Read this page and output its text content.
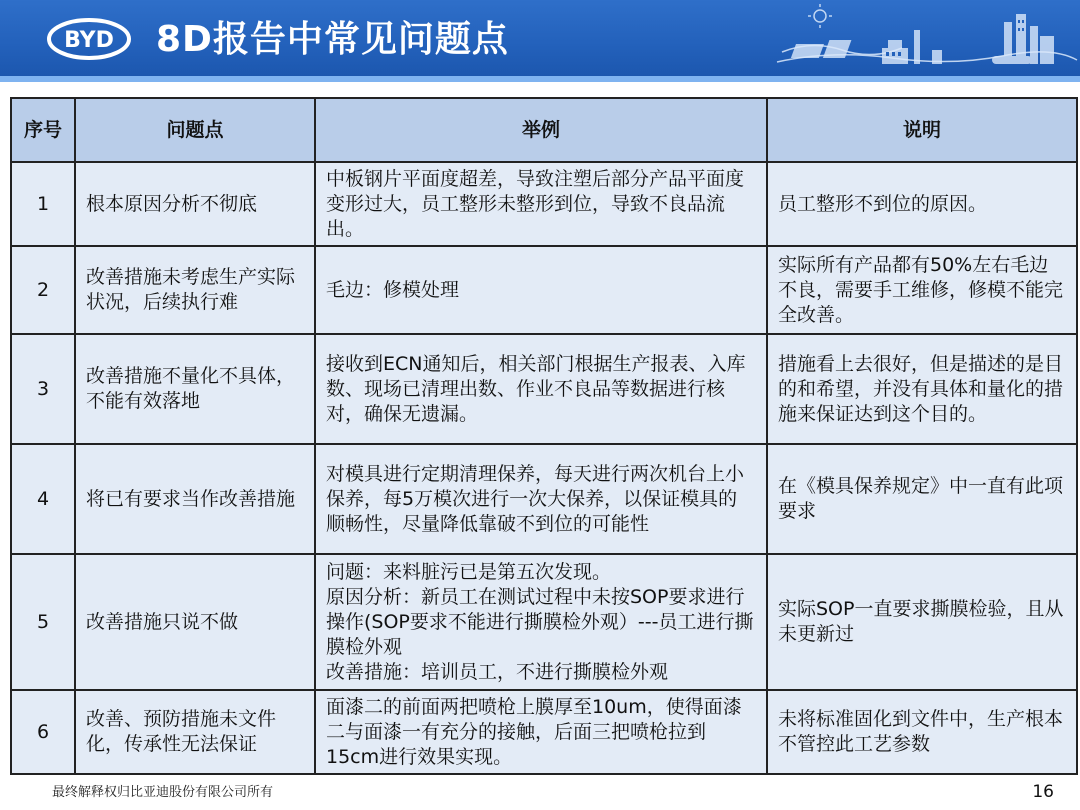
BYD 8D报告中常见问题点
序号	问题点	举例	说明
1	根本原因分析不彻底	中板钢片平面度超差，导致注塑后部分产品平面度变形过大，员工整形未整形到位，导致不良品流出。	员工整形不到位的原因。
2	改善措施未考虑生产实际状况，后续执行难	毛边：修模处理	实际所有产品都有50%左右毛边不良，需要手工维修，修模不能完全改善。
3	改善措施不量化不具体，不能有效落地	接收到ECN通知后，相关部门根据生产报表、入库数、现场已清理出数、作业不良品等数据进行核对，确保无遗漏。	措施看上去很好，但是描述的是目的和希望，并没有具体和量化的措施来保证达到这个目的。
4	将已有要求当作改善措施	对模具进行定期清理保养，每天进行两次机台上小保养，每5万模次进行一次大保养，以保证模具的顺畅性，尽量降低靠破不到位的可能性	在《模具保养规定》中一直有此项要求
5	改善措施只说不做	问题：来料脏污已是第五次发现。
原因分析：新员工在测试过程中未按SOP要求进行操作(SOP要求不能进行撕膜检外观）---员工进行撕膜检外观
改善措施：培训员工，不进行撕膜检外观	实际SOP一直要求撕膜检验，且从未更新过
6	改善、预防措施未文件化，传承性无法保证	面漆二的前面两把喷枪上膜厚至10um，使得面漆二与面漆一有充分的接触，后面三把喷枪拉到15cm进行效果实现。	未将标准固化到文件中，生产根本不管控此工艺参数
最终解释权归比亚迪股份有限公司所有	16
